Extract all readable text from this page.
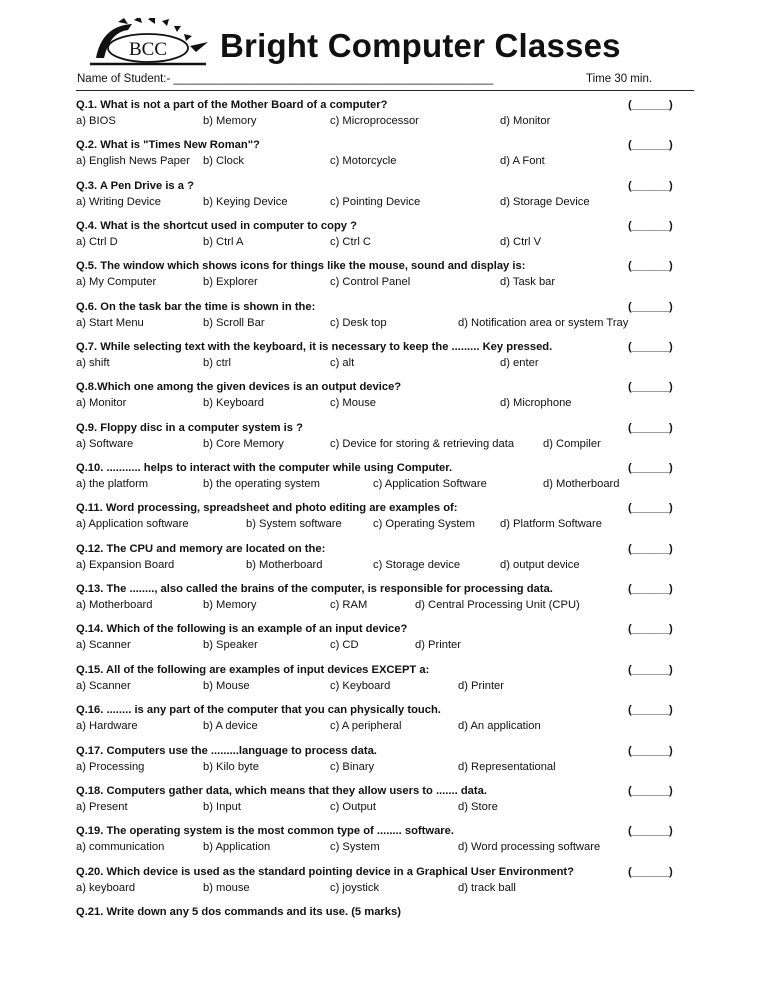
BCC Bright Computer Classes
Name of Student:- __________________________________________________	Time 30 min.
Q.1. What is not a part of the Mother Board of a computer?	(______)
a) BIOS	b) Memory	c) Microprocessor	d) Monitor
Q.2. What is "Times New Roman"?	(______)
a) English News Paper b) Clock	c) Motorcycle	d) A Font
Q.3. A Pen Drive is a ?	(______)
a) Writing Device	b) Keying Device	c) Pointing Device	d) Storage Device
Q.4. What is the shortcut used in computer to copy ?	(______)
a) Ctrl D	b) Ctrl A	c) Ctrl C	d) Ctrl V
Q.5. The window which shows icons for things like the mouse, sound and display is:	(______)
a) My Computer	b) Explorer	c) Control Panel	d) Task bar
Q.6. On the task bar the time is shown in the:	(______)
a) Start Menu	b) Scroll Bar	c) Desk top	d) Notification area or system Tray
Q.7. While selecting text with the keyboard, it is necessary to keep the ......... Key pressed.	(______)
a) shift	b) ctrl	c) alt	d) enter
Q.8.Which one among the given devices is an output device?	(______)
a) Monitor	b) Keyboard	c) Mouse	d) Microphone
Q.9. Floppy disc in a computer system is ?	(______)
a) Software	b) Core Memory	c) Device for storing & retrieving data	d) Compiler
Q.10. ........... helps to interact with the computer while using Computer.	(______)
a) the platform	b) the operating system	c) Application Software	d) Motherboard
Q.11. Word processing, spreadsheet and photo editing are examples of:	(______)
a) Application software	b) System software	c) Operating System d) Platform Software
Q.12. The CPU and memory are located on the:	(______)
a) Expansion Board	b) Motherboard	c) Storage device	d) output device
Q.13. The ........, also called the brains of the computer, is responsible for processing data.	(______)
a) Motherboard	b) Memory	c) RAM	d) Central Processing Unit (CPU)
Q.14. Which of the following is an example of an input device?	(______)
a) Scanner	b) Speaker	c) CD	d) Printer
Q.15. All of the following are examples of input devices EXCEPT a:	(______)
a) Scanner	b) Mouse	c) Keyboard	d) Printer
Q.16. ........ is any part of the computer that you can physically touch.	(______)
a) Hardware	b) A device	c) A peripheral	d) An application
Q.17. Computers use the .........language to process data.	(______)
a) Processing	b) Kilo byte	c) Binary	d) Representational
Q.18. Computers gather data, which means that they allow users to ....... data.	(______)
a) Present	b) Input	c) Output	d) Store
Q.19. The operating system is the most common type of ........ software.	(______)
a) communication	b) Application	c) System	d) Word processing software
Q.20. Which device is used as the standard pointing device in a Graphical User Environment?	(______)
a) keyboard	b) mouse	c) joystick	d) track ball
Q.21. Write down any 5 dos commands and its use. (5 marks)
